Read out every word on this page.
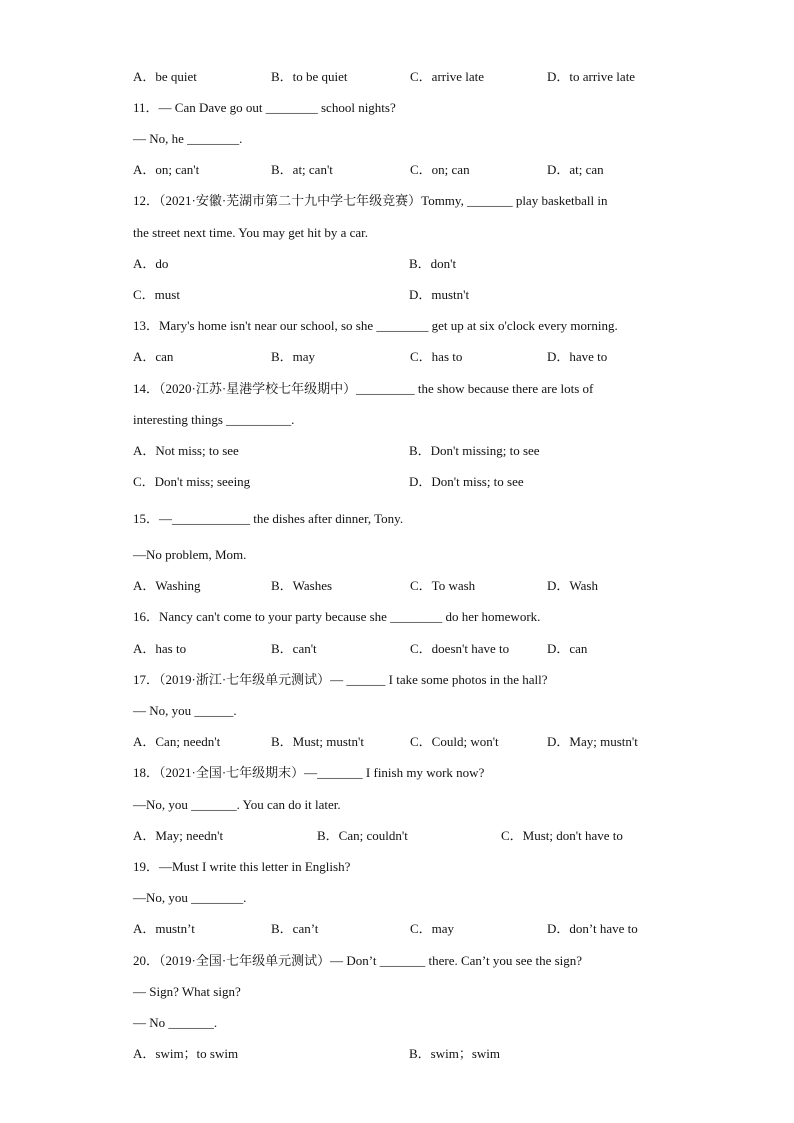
A．be quiet	B．to be quiet	C．arrive late	D．to arrive late
11．— Can Dave go out ________ school nights?
— No, he ________.
A．on; can't	B．at; can't	C．on; can	D．at; can
12．（2021·安徽·芜湖市第二十九中学七年级竞赛）Tommy, _______ play basketball in
the street next time. You may get hit by a car.
A．do	B．don't
C．must	D．mustn't
13．Mary's home isn't near our school, so she ________ get up at six o'clock every morning.
A．can	B．may	C．has to	D．have to
14．（2020·江苏·星港学校七年级期中）_________ the show because there are lots of
interesting things __________.
A．Not miss; to see	B．Don't missing; to see
C．Don't miss; seeing	D．Don't miss; to see
15．—____________ the dishes after dinner, Tony.
—No problem, Mom.
A．Washing	B．Washes	C．To wash	D．Wash
16．Nancy can't come to your party because she ________ do her homework.
A．has to	B．can't	C．doesn't have to	D．can
17．（2019·浙江·七年级单元测试）— ______ I take some photos in the hall?
— No, you ______.
A．Can; needn't	B．Must; mustn't	C．Could; won't	D．May; mustn't
18．（2021·全国·七年级期末）—_______ I finish my work now?
—No, you _______. You can do it later.
A．May; needn't	B．Can; couldn't	C．Must; don't have to
19．—Must I write this letter in English?
—No, you ________.
A．mustn’t	B．can’t	C．may	D．don’t have to
20．（2019·全国·七年级单元测试）— Don’t _______ there. Can’t you see the sign?
— Sign? What sign?
— No _______.
A．swim；to swim	B．swim；swim
